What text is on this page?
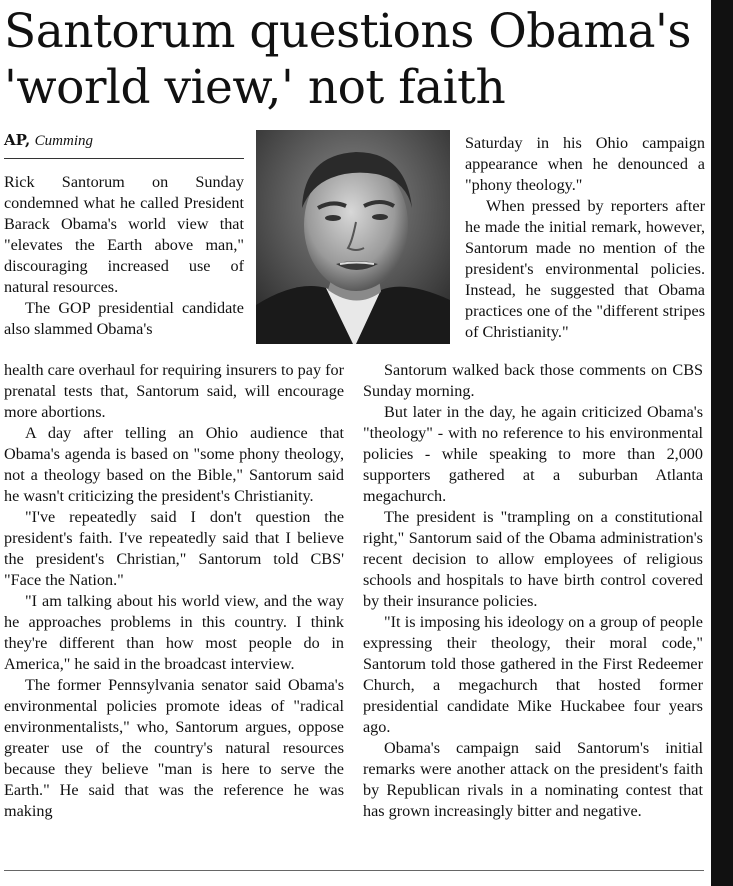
Santorum questions Obama's 'world view,' not faith
AP, Cumming

Rick Santorum on Sunday condemned what he called President Barack Obama's world view that "elevates the Earth above man," discouraging increased use of natural resources.

The GOP presidential candidate also slammed Obama's

health care overhaul for requiring insurers to pay for prenatal tests that, Santorum said, will encourage more abortions.

A day after telling an Ohio audience that Obama's agenda is based on "some phony theology, not a theology based on the Bible," Santorum said he wasn't criticizing the president's Christianity.

"I've repeatedly said I don't question the president's faith. I've repeatedly said that I believe the president's Christian," Santorum told CBS' "Face the Nation."

"I am talking about his world view, and the way he approaches problems in this country. I think they're different than how most people do in America," he said in the broadcast interview.

The former Pennsylvania senator said Obama's environmental policies promote ideas of "radical environmentalists," who, Santorum argues, oppose greater use of the country's natural resources because they believe "man is here to serve the Earth." He said that was the reference he was making

Saturday in his Ohio campaign appearance when he denounced a "phony theology."

When pressed by reporters after he made the initial remark, however, Santorum made no mention of the president's environmental policies. Instead, he suggested that Obama practices one of the "different stripes of Christianity."

Santorum walked back those comments on CBS Sunday morning.

But later in the day, he again criticized Obama's "theology" - with no reference to his environmental policies - while speaking to more than 2,000 supporters gathered at a suburban Atlanta megachurch.

The president is "trampling on a constitutional right," Santorum said of the Obama administration's recent decision to allow employees of religious schools and hospitals to have birth control covered by their insurance policies.

"It is imposing his ideology on a group of people expressing their theology, their moral code," Santorum told those gathered in the First Redeemer Church, a megachurch that hosted former presidential candidate Mike Huckabee four years ago.

Obama's campaign said Santorum's initial remarks were another attack on the president's faith by Republican rivals in a nominating contest that has grown increasingly bitter and negative.
